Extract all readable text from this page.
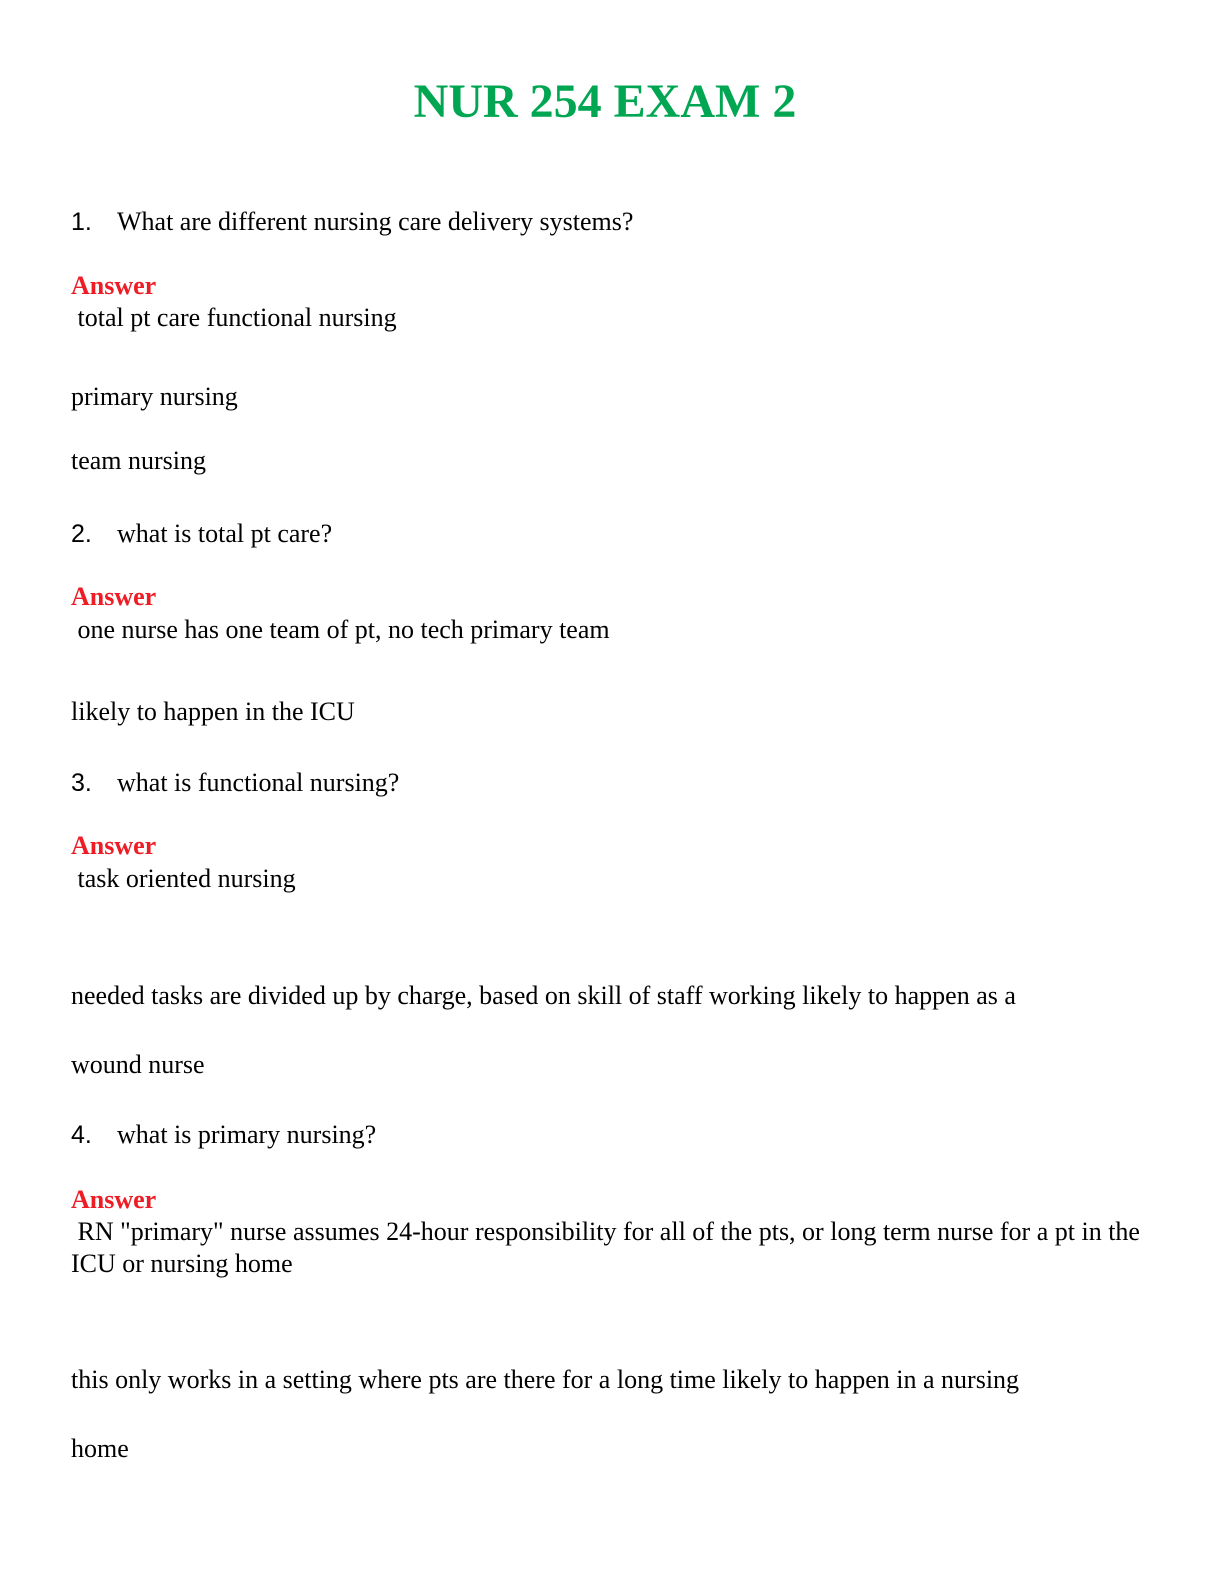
NUR 254 EXAM 2

1. What are different nursing care delivery systems?

Answer

total pt care functional nursing

primary nursing

team nursing

2. what is total pt care?

Answer

one nurse has one team of pt, no tech primary team

likely to happen in the ICU

3. what is functional nursing?

Answer

task oriented nursing

needed tasks are divided up by charge, based on skill of staff working likely to happen as a

wound nurse

4. what is primary nursing?

Answer

RN "primary" nurse assumes 24-hour responsibility for all of the pts, or long term nurse for a pt in the ICU or nursing home

this only works in a setting where pts are there for a long time likely to happen in a nursing

home
